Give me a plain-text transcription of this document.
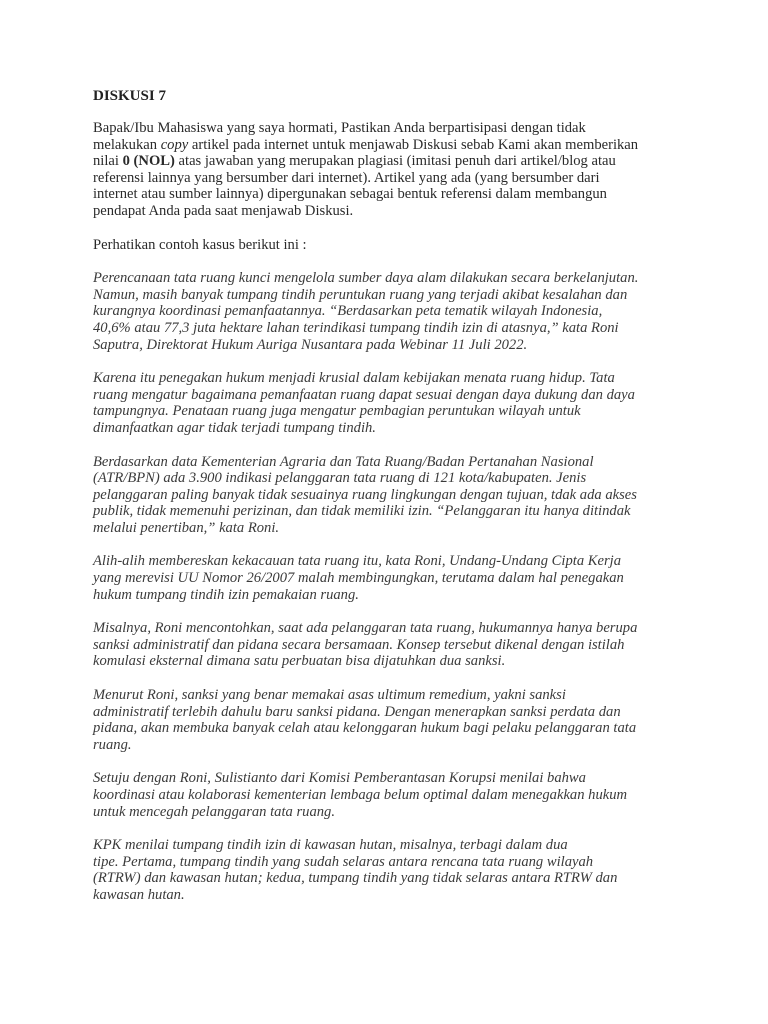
DISKUSI 7
Bapak/Ibu Mahasiswa yang saya hormati, Pastikan Anda berpartisipasi dengan tidak
melakukan copy artikel pada internet untuk menjawab Diskusi sebab Kami akan memberikan
nilai 0 (NOL) atas jawaban yang merupakan plagiasi (imitasi penuh dari artikel/blog atau
referensi lainnya yang bersumber dari internet). Artikel yang ada (yang bersumber dari
internet atau sumber lainnya) dipergunakan sebagai bentuk referensi dalam membangun
pendapat Anda pada saat menjawab Diskusi.
Perhatikan contoh kasus berikut ini :
Perencanaan tata ruang kunci mengelola sumber daya alam dilakukan secara berkelanjutan.
Namun, masih banyak tumpang tindih peruntukan ruang yang terjadi akibat kesalahan dan
kurangnya koordinasi pemanfaatannya. “Berdasarkan peta tematik wilayah Indonesia,
40,6% atau 77,3 juta hektare lahan terindikasi tumpang tindih izin di atasnya,” kata Roni
Saputra, Direktorat Hukum Auriga Nusantara pada Webinar 11 Juli 2022.
Karena itu penegakan hukum menjadi krusial dalam kebijakan menata ruang hidup. Tata
ruang mengatur bagaimana pemanfaatan ruang dapat sesuai dengan daya dukung dan daya
tampungnya. Penataan ruang juga mengatur pembagian peruntukan wilayah untuk
dimanfaatkan agar tidak terjadi tumpang tindih.
Berdasarkan data Kementerian Agraria dan Tata Ruang/Badan Pertanahan Nasional
(ATR/BPN) ada 3.900 indikasi pelanggaran tata ruang di 121 kota/kabupaten. Jenis
pelanggaran paling banyak tidak sesuainya ruang lingkungan dengan tujuan, tdak ada akses
publik, tidak memenuhi perizinan, dan tidak memiliki izin. “Pelanggaran itu hanya ditindak
melalui penertiban,” kata Roni.
Alih-alih membereskan kekacauan tata ruang itu, kata Roni, Undang-Undang Cipta Kerja
yang merevisi UU Nomor 26/2007 malah membingungkan, terutama dalam hal penegakan
hukum tumpang tindih izin pemakaian ruang.
Misalnya, Roni mencontohkan, saat ada pelanggaran tata ruang, hukumannya hanya berupa
sanksi administratif dan pidana secara bersamaan. Konsep tersebut dikenal dengan istilah
komulasi eksternal dimana satu perbuatan bisa dijatuhkan dua sanksi.
Menurut Roni, sanksi yang benar memakai asas ultimum remedium, yakni sanksi
administratif terlebih dahulu baru sanksi pidana. Dengan menerapkan sanksi perdata dan
pidana, akan membuka banyak celah atau kelonggaran hukum bagi pelaku pelanggaran tata
ruang.
Setuju dengan Roni, Sulistianto dari Komisi Pemberantasan Korupsi menilai bahwa
koordinasi atau kolaborasi kementerian lembaga belum optimal dalam menegakkan hukum
untuk mencegah pelanggaran tata ruang.
KPK menilai tumpang tindih izin di kawasan hutan, misalnya, terbagi dalam dua
tipe. Pertama, tumpang tindih yang sudah selaras antara rencana tata ruang wilayah
(RTRW) dan kawasan hutan; kedua, tumpang tindih yang tidak selaras antara RTRW dan
kawasan hutan.
